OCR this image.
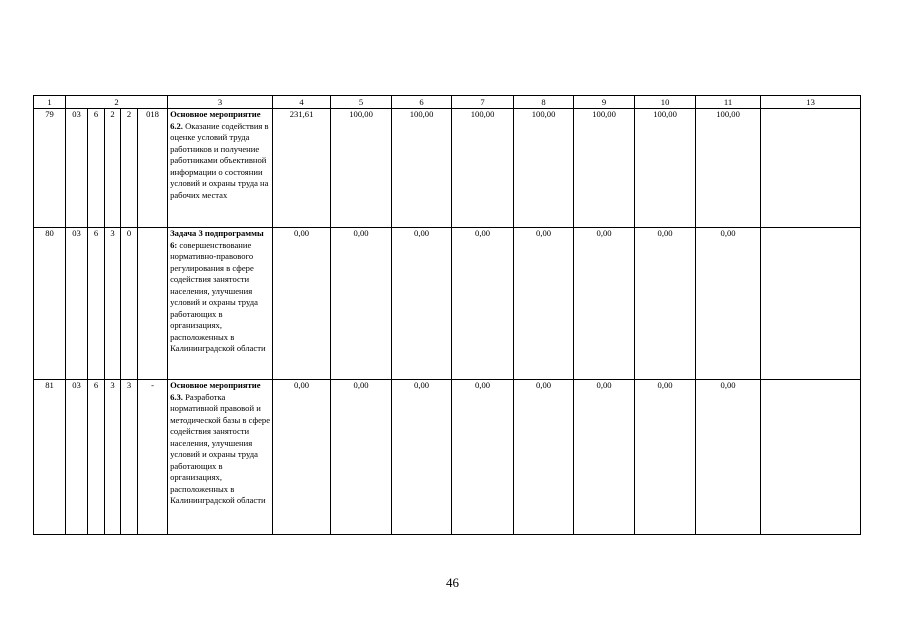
1	2					3	4	5	6	7	8	9	10	11	13
79	03	6	2	2	018	Основное мероприятие 6.2. Оказание содействия в оценке условий труда работников и получение работниками объективной информации о состоянии условий и охраны труда на рабочих местах	231,61	100,00	100,00	100,00	100,00	100,00	100,00	100,00	
80	03	6	3	0		Задача 3 подпрограммы 6: совершенствование нормативно-правового регулирования в сфере содействия занятости населения, улучшения условий и охраны труда работающих в организациях, расположенных в Калининградской области	0,00	0,00	0,00	0,00	0,00	0,00	0,00	0,00	
81	03	6	3	3	-	Основное мероприятие 6.3. Разработка нормативной правовой и методической базы в сфере содействия занятости населения, улучшения условий и охраны труда работающих в организациях, расположенных в Калининградской области	0,00	0,00	0,00	0,00	0,00	0,00	0,00	0,00	
46
